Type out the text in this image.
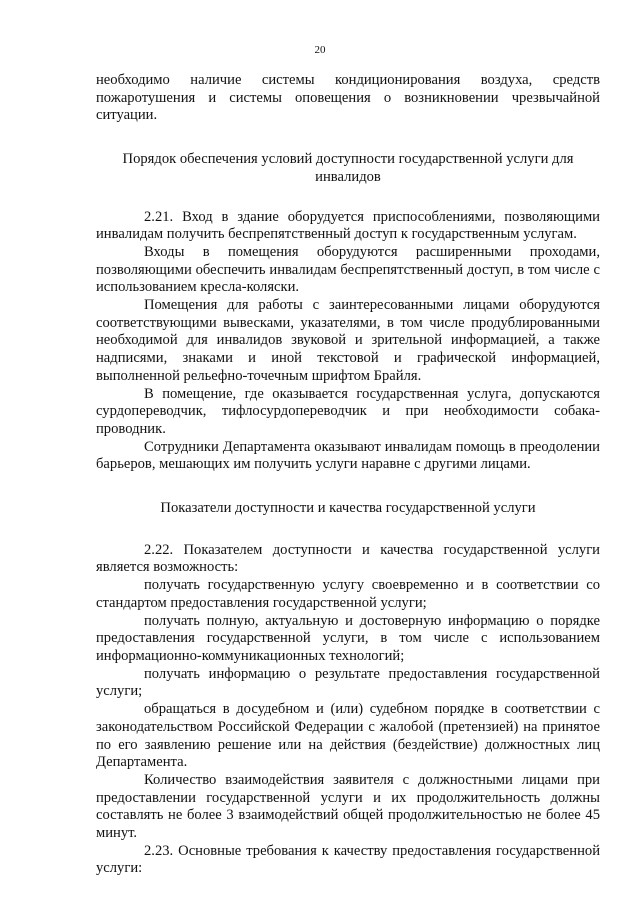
20

необходимо наличие системы кондиционирования воздуха, средств пожаротушения и системы оповещения о возникновении чрезвычайной ситуации.

Порядок обеспечения условий доступности государственной услуги для инвалидов

2.21. Вход в здание оборудуется приспособлениями, позволяющими инвалидам получить беспрепятственный доступ к государственным услугам.

Входы в помещения оборудуются расширенными проходами, позволяющими обеспечить инвалидам беспрепятственный доступ, в том числе с использованием кресла-коляски.

Помещения для работы с заинтересованными лицами оборудуются соответствующими вывесками, указателями, в том числе продублированными необходимой для инвалидов звуковой и зрительной информацией, а также надписями, знаками и иной текстовой и графической информацией, выполненной рельефно-точечным шрифтом Брайля.

В помещение, где оказывается государственная услуга, допускаются сурдопереводчик, тифлосурдопереводчик и при необходимости собака-проводник.

Сотрудники Департамента оказывают инвалидам помощь в преодолении барьеров, мешающих им получить услуги наравне с другими лицами.

Показатели доступности и качества государственной услуги

2.22. Показателем доступности и качества государственной услуги является возможность:

получать государственную услугу своевременно и в соответствии со стандартом предоставления государственной услуги;

получать полную, актуальную и достоверную информацию о порядке предоставления государственной услуги, в том числе с использованием информационно-коммуникационных технологий;

получать информацию о результате предоставления государственной услуги;

обращаться в досудебном и (или) судебном порядке в соответствии с законодательством Российской Федерации с жалобой (претензией) на принятое по его заявлению решение или на действия (бездействие) должностных лиц Департамента.

Количество взаимодействия заявителя с должностными лицами при предоставлении государственной услуги и их продолжительность должны составлять не более 3 взаимодействий общей продолжительностью не более 45 минут.

2.23. Основные требования к качеству предоставления государственной услуги:
